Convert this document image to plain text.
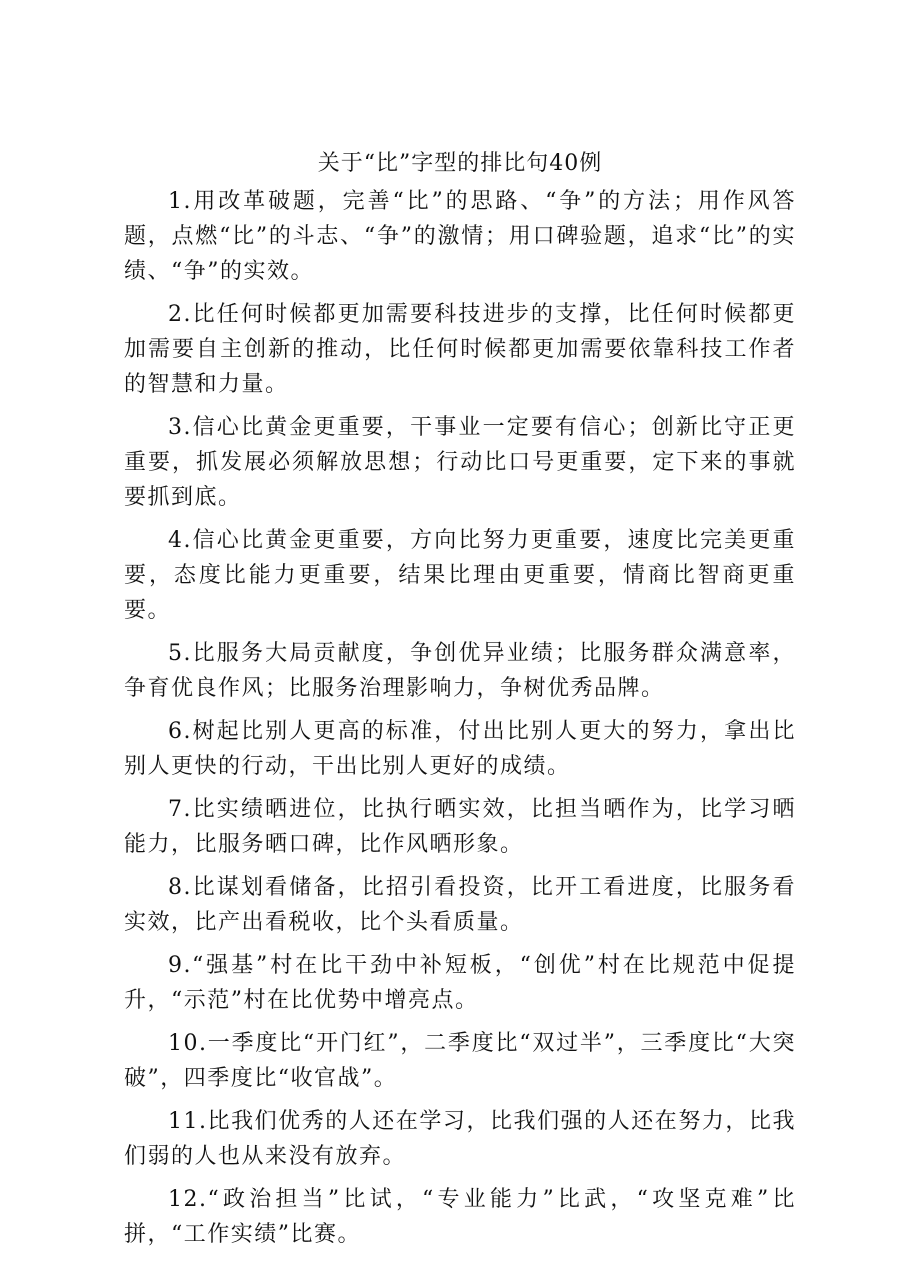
关于“比”字型的排比句40例

1.用改革破题，完善“比”的思路、“争”的方法；用作风答题，点燃“比”的斗志、“争”的激情；用口碑验题，追求“比”的实绩、“争”的实效。

2.比任何时候都更加需要科技进步的支撑，比任何时候都更加需要自主创新的推动，比任何时候都更加需要依靠科技工作者的智慧和力量。

3.信心比黄金更重要，干事业一定要有信心；创新比守正更重要，抓发展必须解放思想；行动比口号更重要，定下来的事就要抓到底。

4.信心比黄金更重要，方向比努力更重要，速度比完美更重要，态度比能力更重要，结果比理由更重要，情商比智商更重要。

5.比服务大局贡献度，争创优异业绩；比服务群众满意率，争育优良作风；比服务治理影响力，争树优秀品牌。

6.树起比别人更高的标准，付出比别人更大的努力，拿出比别人更快的行动，干出比别人更好的成绩。

7.比实绩晒进位，比执行晒实效，比担当晒作为，比学习晒能力，比服务晒口碑，比作风晒形象。

8.比谋划看储备，比招引看投资，比开工看进度，比服务看实效，比产出看税收，比个头看质量。

9.“强基”村在比干劲中补短板，“创优”村在比规范中促提升，“示范”村在比优势中增亮点。

10.一季度比“开门红”，二季度比“双过半”，三季度比“大突破”，四季度比“收官战”。

11.比我们优秀的人还在学习，比我们强的人还在努力，比我们弱的人也从来没有放弃。

12.“政治担当”比试，“专业能力”比武，“攻坚克难”比拼，“工作实绩”比赛。
